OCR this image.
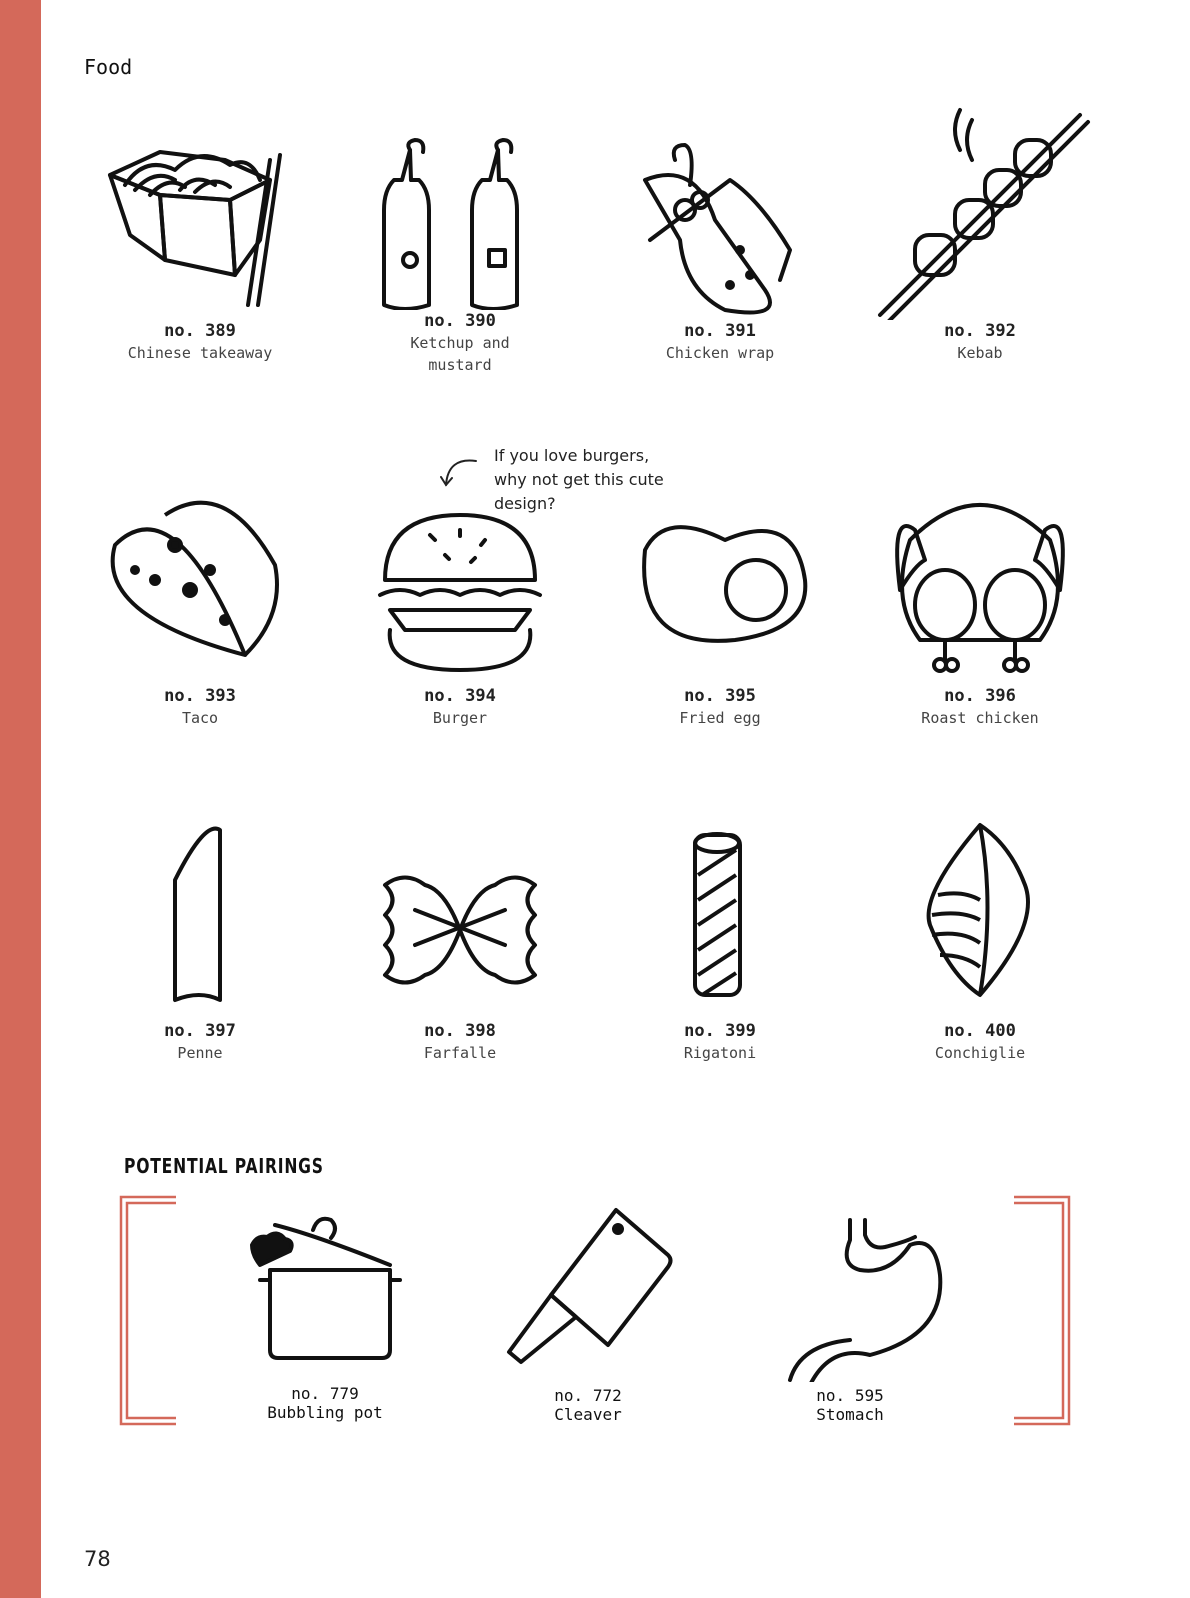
Food
no. 389
Chinese takeaway
no. 390
Ketchup and
mustard
no. 391
Chicken wrap
no. 392
Kebab
If you love burgers, why not get this cute design?
no. 393
Taco
no. 394
Burger
no. 395
Fried egg
no. 396
Roast chicken
no. 397
Penne
no. 398
Farfalle
no. 399
Rigatoni
no. 400
Conchiglie
POTENTIAL PAIRINGS
no. 779
Bubbling pot
no. 772
Cleaver
no. 595
Stomach
78
